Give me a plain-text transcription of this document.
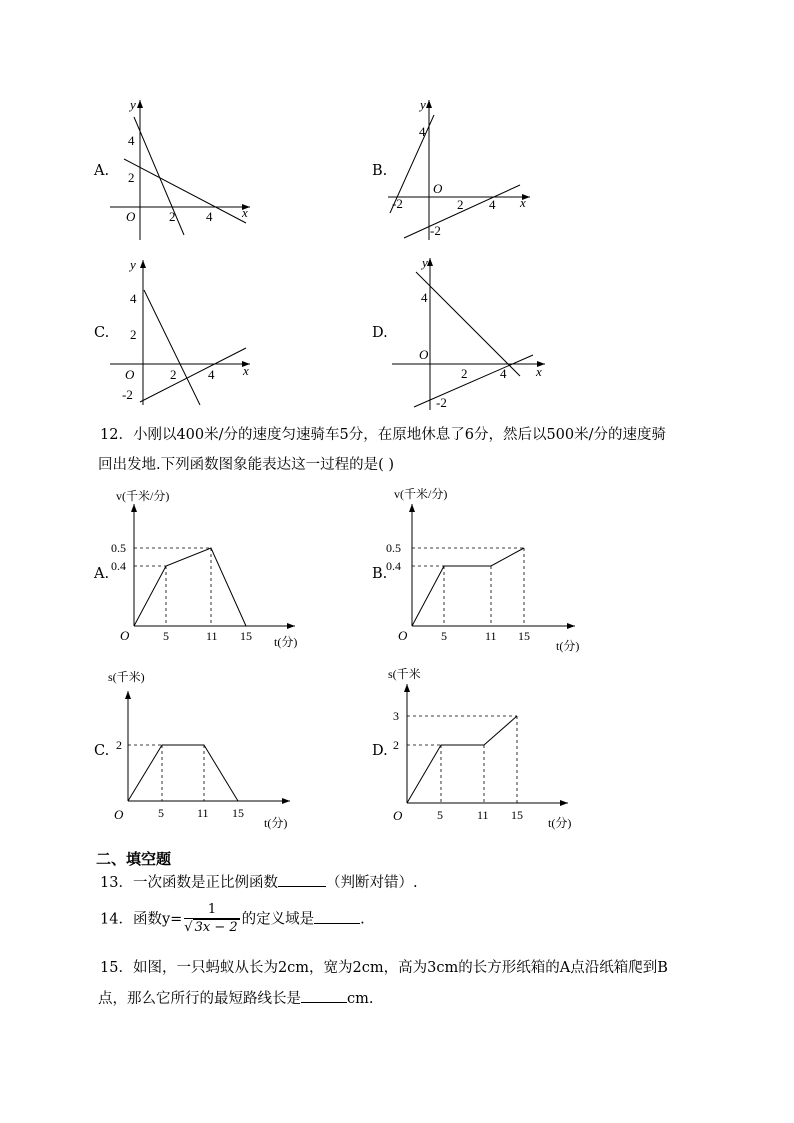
A.
y
x
O
4
2
2 4
B.
y
x
O
4
-2	2 4
-2
C.
y
x
O
4
2
2 4
-2
D.
y
x
O
4
2	4
-2
12．小刚以400米/分的速度匀速骑车5分，在原地休息了6分，然后以500米/分的速度骑
回出发地.下列函数图象能表达这一过程的是( )
A.
v(千米/分)
t(分)
O
0.5
0.4
5	11 15
B.
v(千米/分)
t(分)
O
0.5
0.4
5	11 15
C.
s(千米)
t(分)
O
2
5	11 15
D.
s(千米
t(分)
O
3
2
5	11 15
二、填空题
13．一次函数是正比例函数	（判断对错）.
14．函数$y= \frac{1}{√ 3x - 2}$ 的定义域是	.
15．如图，一只蚂蚁从长为2cm，宽为2cm，高为3cm的长方形纸箱的A点沿纸箱爬到B
点，那么它所行的最短路线长是	cm.
